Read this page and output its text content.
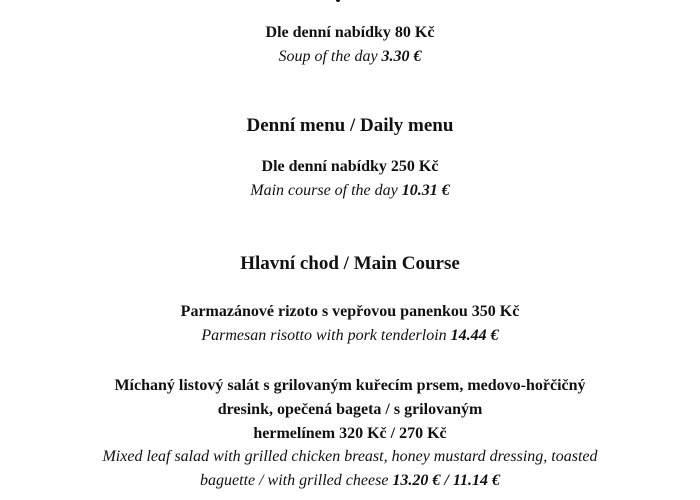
Dle denní nabídky 80 Kč
Soup of the day 3.30 €
Denní menu / Daily menu
Dle denní nabídky 250 Kč
Main course of the day 10.31 €
Hlavní chod / Main Course
Parmazánové rizoto s vepřovou panenkou 350 Kč
Parmesan risotto with pork tenderloin 14.44 €
Míchaný listový salát s grilovaným kuřecím prsem, medovo-hořčičný
dresink, opečená bageta / s grilovaným
hermelínem 320 Kč / 270 Kč
Mixed leaf salad with grilled chicken breast, honey mustard dressing, toasted
baguette / with grilled cheese 13.20 € / 11.14 €
